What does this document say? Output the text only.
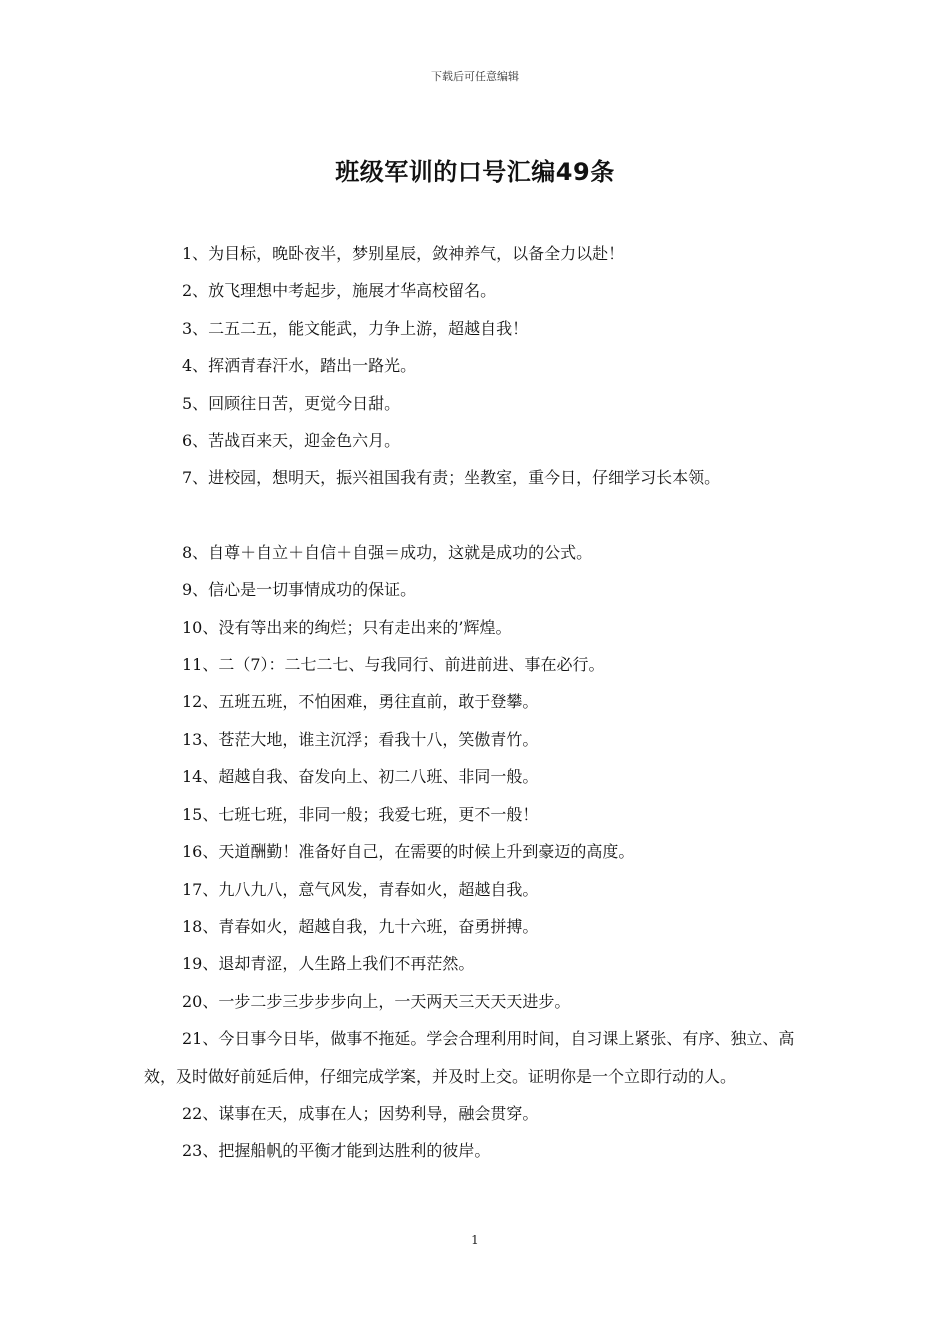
下载后可任意编辑
班级军训的口号汇编49条
1、为目标，晚卧夜半，梦别星辰，敛神养气，以备全力以赴！
2、放飞理想中考起步，施展才华高校留名。
3、二五二五，能文能武，力争上游，超越自我！
4、挥洒青春汗水，踏出一路光。
5、回顾往日苦，更觉今日甜。
6、苦战百来天，迎金色六月。
7、进校园，想明天，振兴祖国我有责；坐教室，重今日，仔细学习长本领。
8、自尊＋自立＋自信＋自强＝成功，这就是成功的公式。
9、信心是一切事情成功的保证。
10、没有等出来的绚烂；只有走出来的’辉煌。
11、二（7）：二七二七、与我同行、前进前进、事在必行。
12、五班五班，不怕困难，勇往直前，敢于登攀。
13、苍茫大地，谁主沉浮；看我十八，笑傲青竹。
14、超越自我、奋发向上、初二八班、非同一般。
15、七班七班，非同一般；我爱七班，更不一般！
16、天道酬勤！准备好自己，在需要的时候上升到豪迈的高度。
17、九八九八，意气风发，青春如火，超越自我。
18、青春如火，超越自我，九十六班，奋勇拼搏。
19、退却青涩，人生路上我们不再茫然。
20、一步二步三步步步向上，一天两天三天天天进步。
21、今日事今日毕，做事不拖延。学会合理利用时间，自习课上紧张、有序、独立、高效，及时做好前延后伸，仔细完成学案，并及时上交。证明你是一个立即行动的人。
22、谋事在天，成事在人；因势利导，融会贯穿。
23、把握船帆的平衡才能到达胜利的彼岸。
1
